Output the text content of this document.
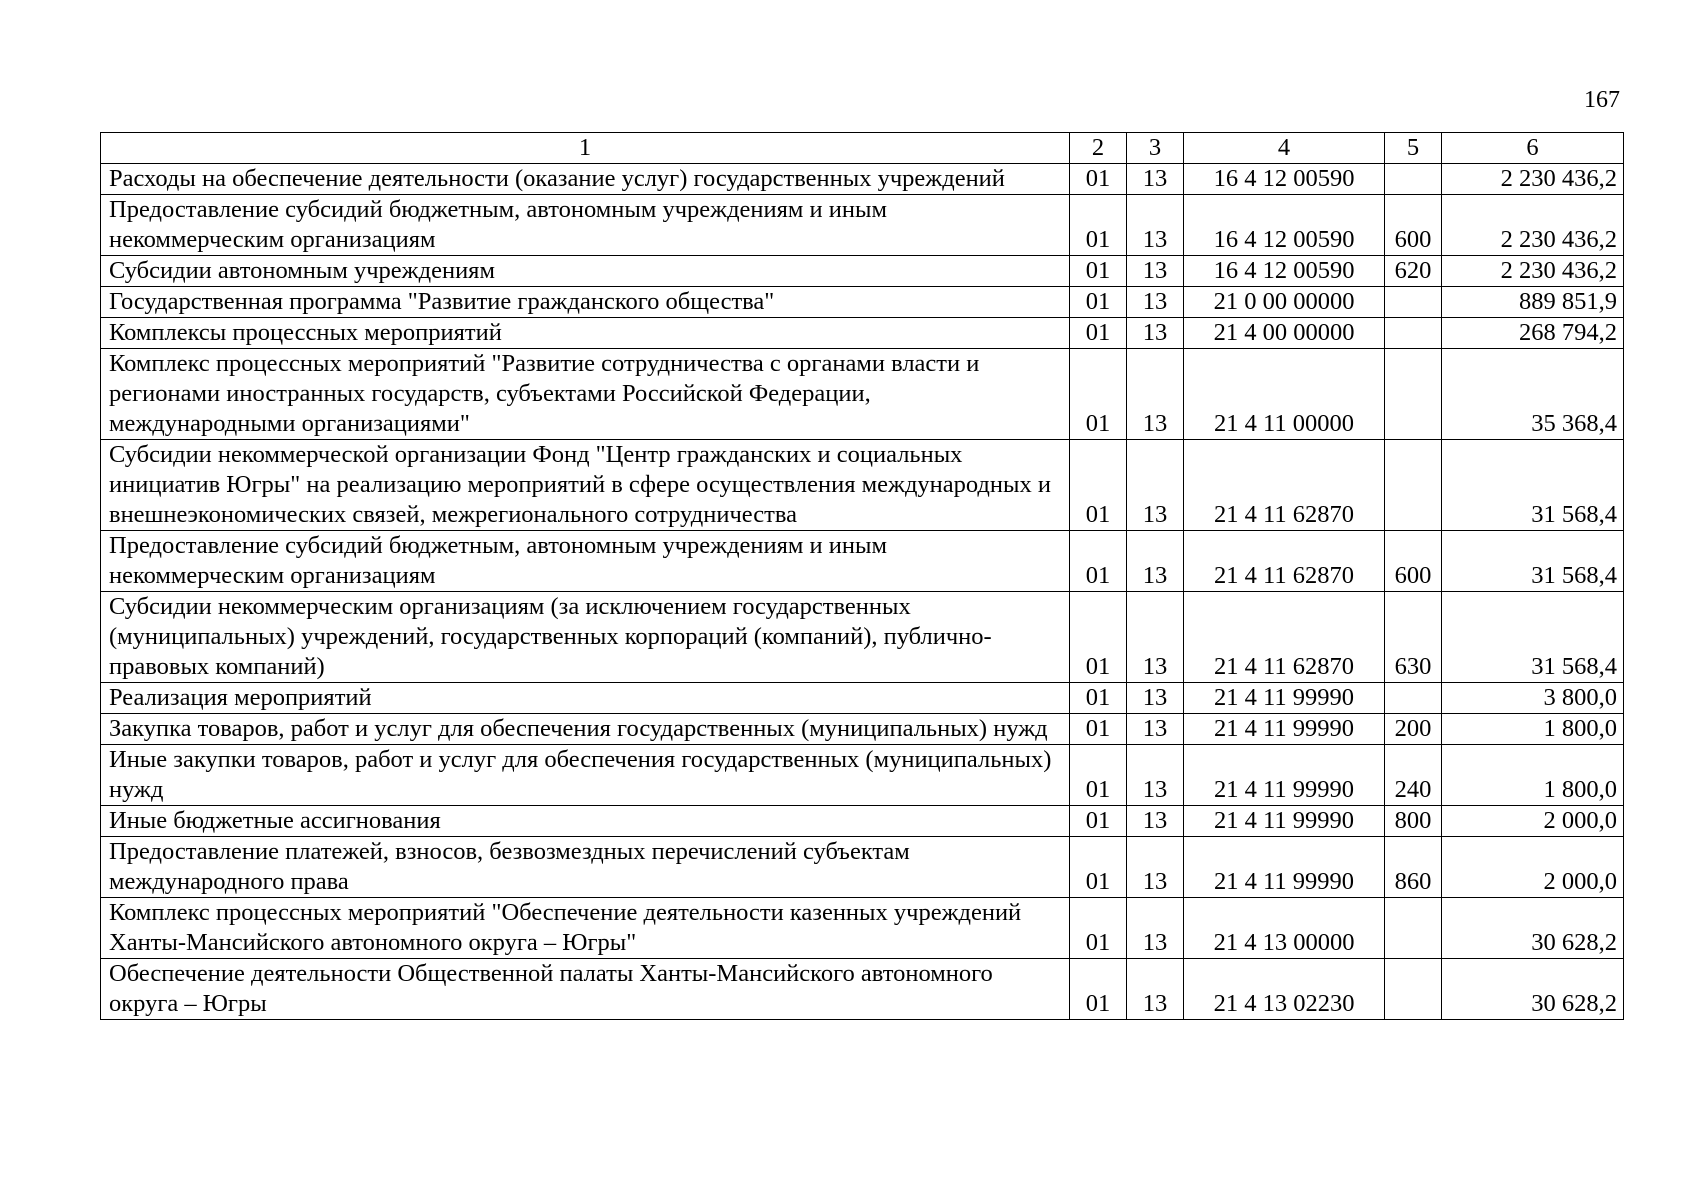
167
1	2	3	4	5	6
Расходы на обеспечение деятельности (оказание услуг) государственных учреждений	01	13	16 4 12 00590		2 230 436,2
Предоставление субсидий бюджетным, автономным учреждениям и иным некоммерческим организациям	01	13	16 4 12 00590	600	2 230 436,2
Субсидии автономным учреждениям	01	13	16 4 12 00590	620	2 230 436,2
Государственная программа "Развитие гражданского общества"	01	13	21 0 00 00000		889 851,9
Комплексы процессных мероприятий	01	13	21 4 00 00000		268 794,2
Комплекс процессных мероприятий "Развитие сотрудничества с органами власти и регионами иностранных государств, субъектами Российской Федерации, международными организациями"	01	13	21 4 11 00000		35 368,4
Субсидии некоммерческой организации Фонд "Центр гражданских и социальных инициатив Югры" на реализацию мероприятий в сфере осуществления международных и внешнеэкономических связей, межрегионального сотрудничества	01	13	21 4 11 62870		31 568,4
Предоставление субсидий бюджетным, автономным учреждениям и иным некоммерческим организациям	01	13	21 4 11 62870	600	31 568,4
Субсидии некоммерческим организациям (за исключением государственных (муниципальных) учреждений, государственных корпораций (компаний), публично-правовых компаний)	01	13	21 4 11 62870	630	31 568,4
Реализация мероприятий	01	13	21 4 11 99990		3 800,0
Закупка товаров, работ и услуг для обеспечения государственных (муниципальных) нужд	01	13	21 4 11 99990	200	1 800,0
Иные закупки товаров, работ и услуг для обеспечения государственных (муниципальных) нужд	01	13	21 4 11 99990	240	1 800,0
Иные бюджетные ассигнования	01	13	21 4 11 99990	800	2 000,0
Предоставление платежей, взносов, безвозмездных перечислений субъектам международного права	01	13	21 4 11 99990	860	2 000,0
Комплекс процессных мероприятий "Обеспечение деятельности казенных учреждений Ханты-Мансийского автономного округа – Югры"	01	13	21 4 13 00000		30 628,2
Обеспечение деятельности Общественной палаты Ханты-Мансийского автономного округа – Югры	01	13	21 4 13 02230		30 628,2
